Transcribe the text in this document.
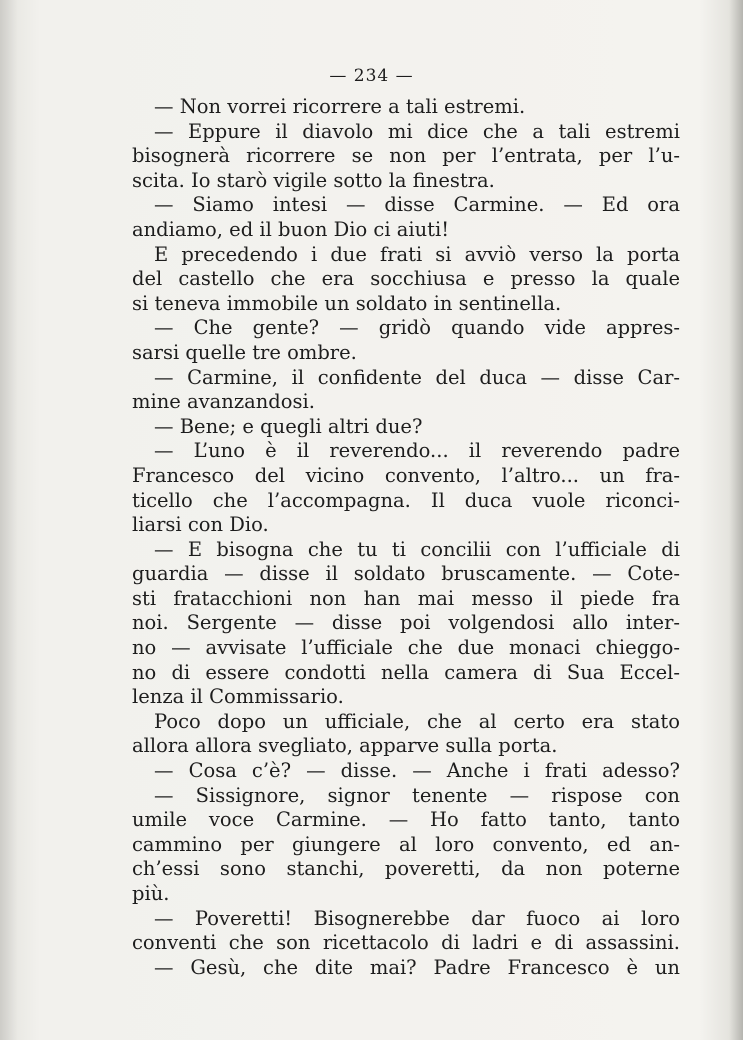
— 234 —
— Non vorrei ricorrere a tali estremi.
— Eppure il diavolo mi dice che a tali estremi
bisognerà ricorrere se non per l’entrata, per l’u-
scita. Io starò vigile sotto la finestra.
— Siamo intesi — disse Carmine. — Ed ora
andiamo, ed il buon Dio ci aiuti!
E precedendo i due frati si avviò verso la porta
del castello che era socchiusa e presso la quale
si teneva immobile un soldato in sentinella.
— Che gente? — gridò quando vide appres-
sarsi quelle tre ombre.
— Carmine, il confidente del duca — disse Car-
mine avanzandosi.
— Bene; e quegli altri due?
— L’uno è il reverendo... il reverendo padre
Francesco del vicino convento, l’altro... un fra-
ticello che l’accompagna. Il duca vuole riconci-
liarsi con Dio.
— E bisogna che tu ti concilii con l’ufficiale di
guardia — disse il soldato bruscamente. — Cote-
sti fratacchioni non han mai messo il piede fra
noi. Sergente — disse poi volgendosi allo inter-
no — avvisate l’ufficiale che due monaci chieggo-
no di essere condotti nella camera di Sua Eccel-
lenza il Commissario.
Poco dopo un ufficiale, che al certo era stato
allora allora svegliato, apparve sulla porta.
— Cosa c’è? — disse. — Anche i frati adesso?
— Sissignore, signor tenente — rispose con
umile voce Carmine. — Ho fatto tanto, tanto
cammino per giungere al loro convento, ed an-
ch’essi sono stanchi, poveretti, da non poterne
più.
— Poveretti! Bisognerebbe dar fuoco ai loro
conventi che son ricettacolo di ladri e di assassini.
— Gesù, che dite mai? Padre Francesco è un
